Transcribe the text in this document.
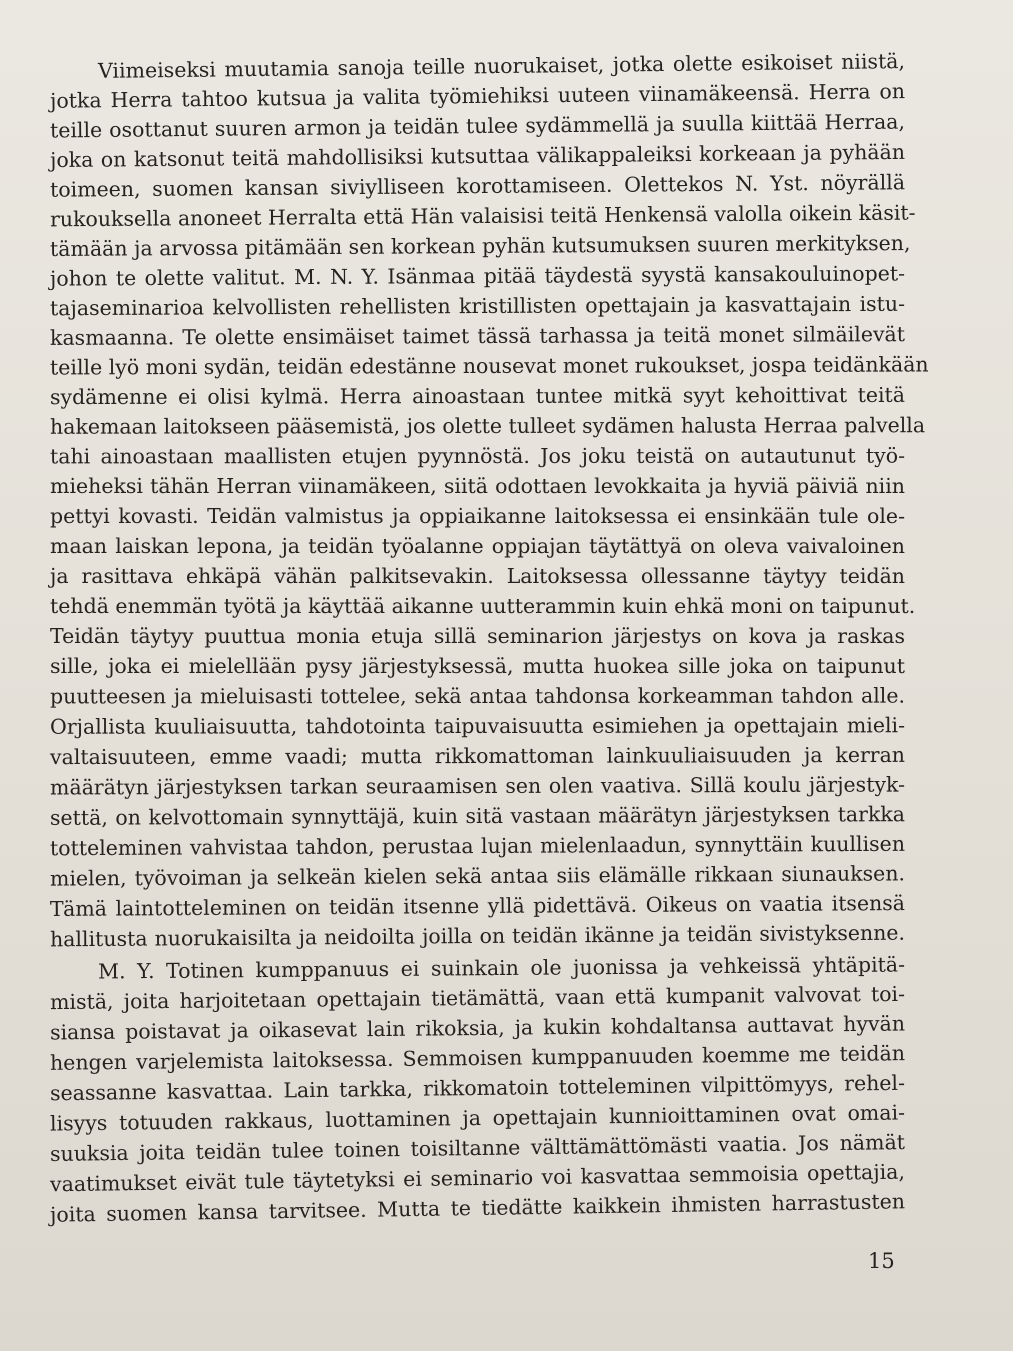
Viimeiseksi muutamia sanoja teille nuorukaiset, jotka olette esikoiset niistä,

jotka Herra tahtoo kutsua ja valita työmiehiksi uuteen viinamäkeensä. Herra on

teille osottanut suuren armon ja teidän tulee sydämmellä ja suulla kiittää Herraa,

joka on katsonut teitä mahdollisiksi kutsuttaa välikappaleiksi korkeaan ja pyhään

toimeen, suomen kansan siviylliseen korottamiseen. Olettekos N. Yst. nöyrällä

rukouksella anoneet Herralta että Hän valaisisi teitä Henkensä valolla oikein käsit-

tämään ja arvossa pitämään sen korkean pyhän kutsumuksen suuren merkityksen,

johon te olette valitut. M. N. Y. Isänmaa pitää täydestä syystä kansakouluinopet-

tajaseminarioa kelvollisten rehellisten kristillisten opettajain ja kasvattajain istu-

kasmaanna. Te olette ensimäiset taimet tässä tarhassa ja teitä monet silmäilevät

teille lyö moni sydän, teidän edestänne nousevat monet rukoukset, jospa teidänkään

sydämenne ei olisi kylmä. Herra ainoastaan tuntee mitkä syyt kehoittivat teitä

hakemaan laitokseen pääsemistä, jos olette tulleet sydämen halusta Herraa palvella

tahi ainoastaan maallisten etujen pyynnöstä. Jos joku teistä on autautunut työ-

mieheksi tähän Herran viinamäkeen, siitä odottaen levokkaita ja hyviä päiviä niin

pettyi kovasti. Teidän valmistus ja oppiaikanne laitoksessa ei ensinkään tule ole-

maan laiskan lepona, ja teidän työalanne oppiajan täytättyä on oleva vaivaloinen

ja rasittava ehkäpä vähän palkitsevakin. Laitoksessa ollessanne täytyy teidän

tehdä enemmän työtä ja käyttää aikanne uutterammin kuin ehkä moni on taipunut.

Teidän täytyy puuttua monia etuja sillä seminarion järjestys on kova ja raskas

sille, joka ei mielellään pysy järjestyksessä, mutta huokea sille joka on taipunut

puutteesen ja mieluisasti tottelee, sekä antaa tahdonsa korkeamman tahdon alle.

Orjallista kuuliaisuutta, tahdotointa taipuvaisuutta esimiehen ja opettajain mieli-

valtaisuuteen, emme vaadi; mutta rikkomattoman lainkuuliaisuuden ja kerran

määrätyn järjestyksen tarkan seuraamisen sen olen vaativa. Sillä koulu järjestyk-

settä, on kelvottomain synnyttäjä, kuin sitä vastaan määrätyn järjestyksen tarkka

totteleminen vahvistaa tahdon, perustaa lujan mielenlaadun, synnyttäin kuullisen

mielen, työvoiman ja selkeän kielen sekä antaa siis elämälle rikkaan siunauksen.

Tämä laintotteleminen on teidän itsenne yllä pidettävä. Oikeus on vaatia itsensä

hallitusta nuorukaisilta ja neidoilta joilla on teidän ikänne ja teidän sivistyksenne.

M. Y. Totinen kumppanuus ei suinkain ole juonissa ja vehkeissä yhtäpitä-

mistä, joita harjoitetaan opettajain tietämättä, vaan että kumpanit valvovat toi-

siansa poistavat ja oikasevat lain rikoksia, ja kukin kohdaltansa auttavat hyvän

hengen varjelemista laitoksessa. Semmoisen kumppanuuden koemme me teidän

seassanne kasvattaa. Lain tarkka, rikkomatoin totteleminen vilpittömyys, rehel-

lisyys totuuden rakkaus, luottaminen ja opettajain kunnioittaminen ovat omai-

suuksia joita teidän tulee toinen toisiltanne välttämättömästi vaatia. Jos nämät

vaatimukset eivät tule täytetyksi ei seminario voi kasvattaa semmoisia opettajia,

joita suomen kansa tarvitsee. Mutta te tiedätte kaikkein ihmisten harrastusten

15
